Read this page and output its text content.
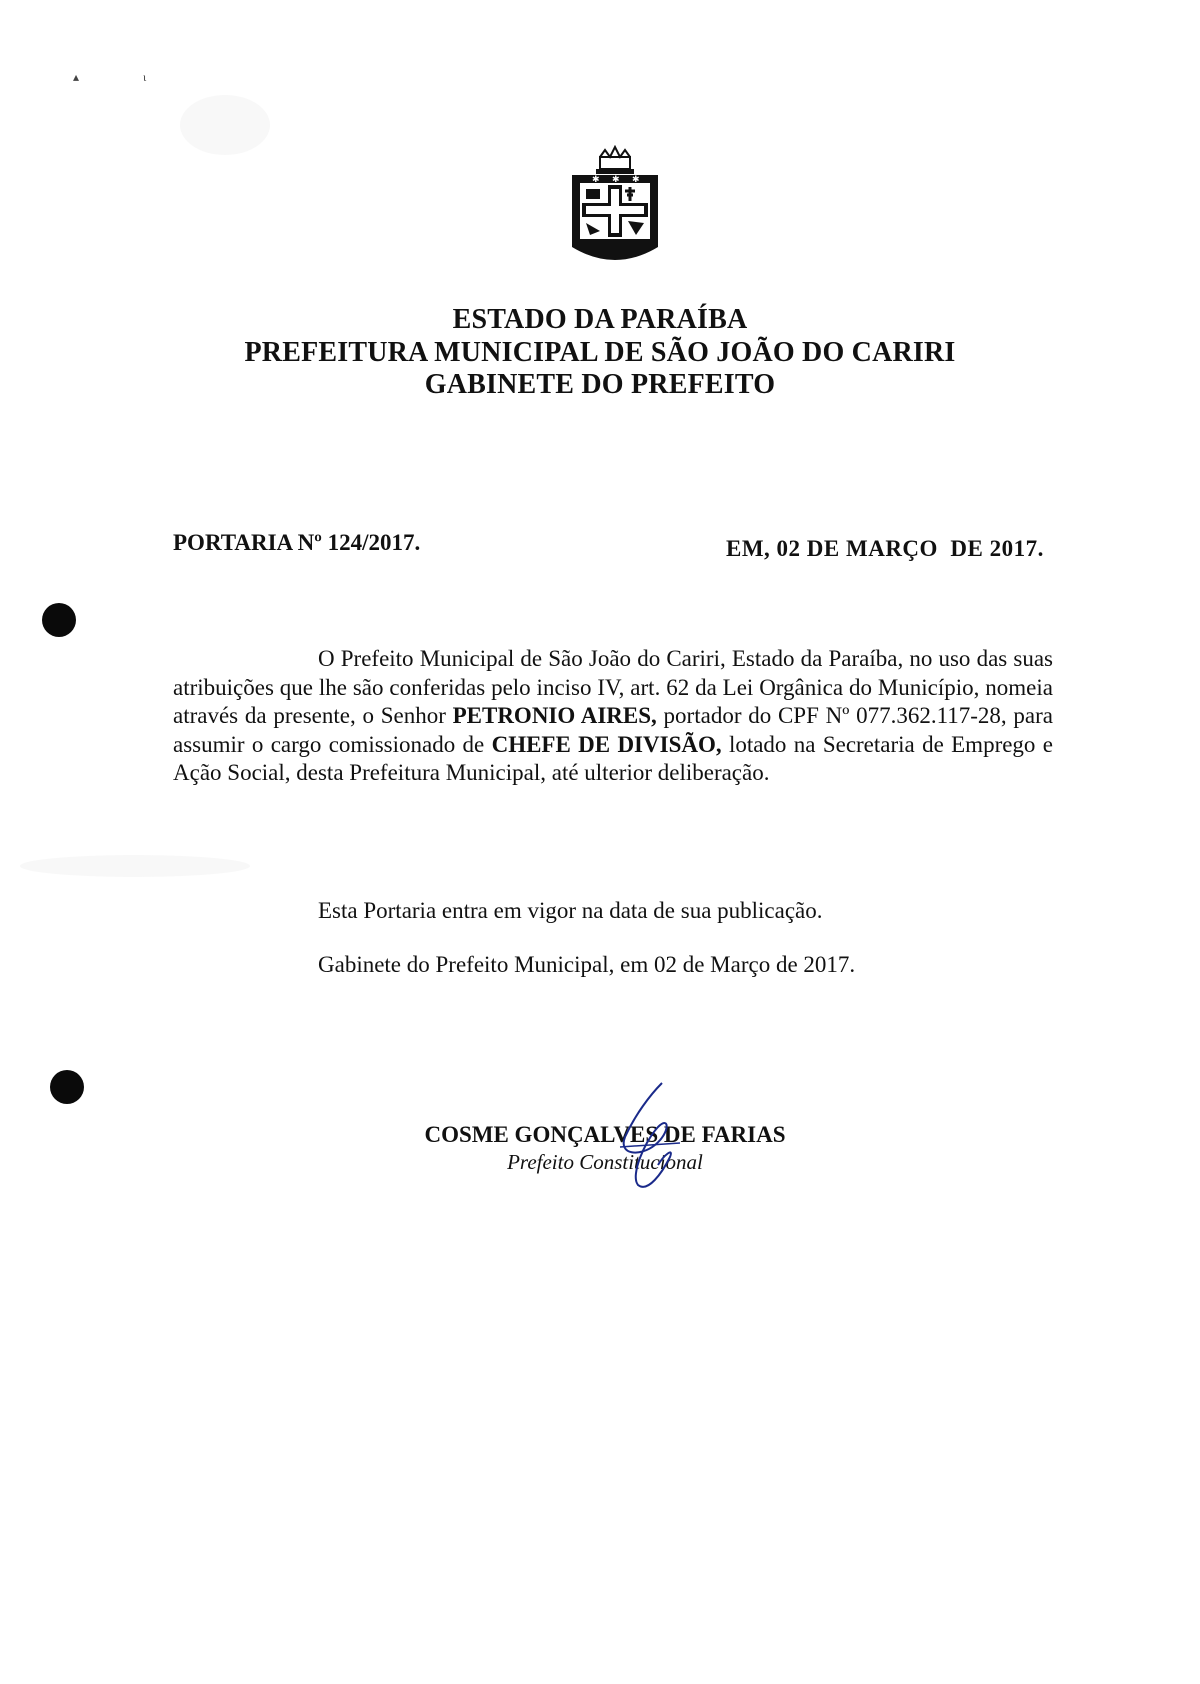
▴	ι
✱ ✱ ✱
ESTADO DA PARAÍBA
PREFEITURA MUNICIPAL DE SÃO JOÃO DO CARIRI
GABINETE DO PREFEITO
PORTARIA Nº 124/2017.	EM, 02 DE MARÇO  DE 2017.
O Prefeito Municipal de São João do Cariri, Estado da Paraíba, no uso das suas atribuições que lhe são conferidas pelo inciso IV, art. 62 da Lei Orgânica do Município, nomeia através da presente, o Senhor PETRONIO AIRES, portador do CPF Nº 077.362.117-28, para assumir o cargo comissionado de CHEFE DE DIVISÃO, lotado na Secretaria de Emprego e Ação Social, desta Prefeitura Municipal, até ulterior deliberação.
Esta Portaria entra em vigor na data de sua publicação.
Gabinete do Prefeito Municipal, em 02 de Março de 2017.
COSME GONÇALVES DE FARIAS
Prefeito Constitucional
